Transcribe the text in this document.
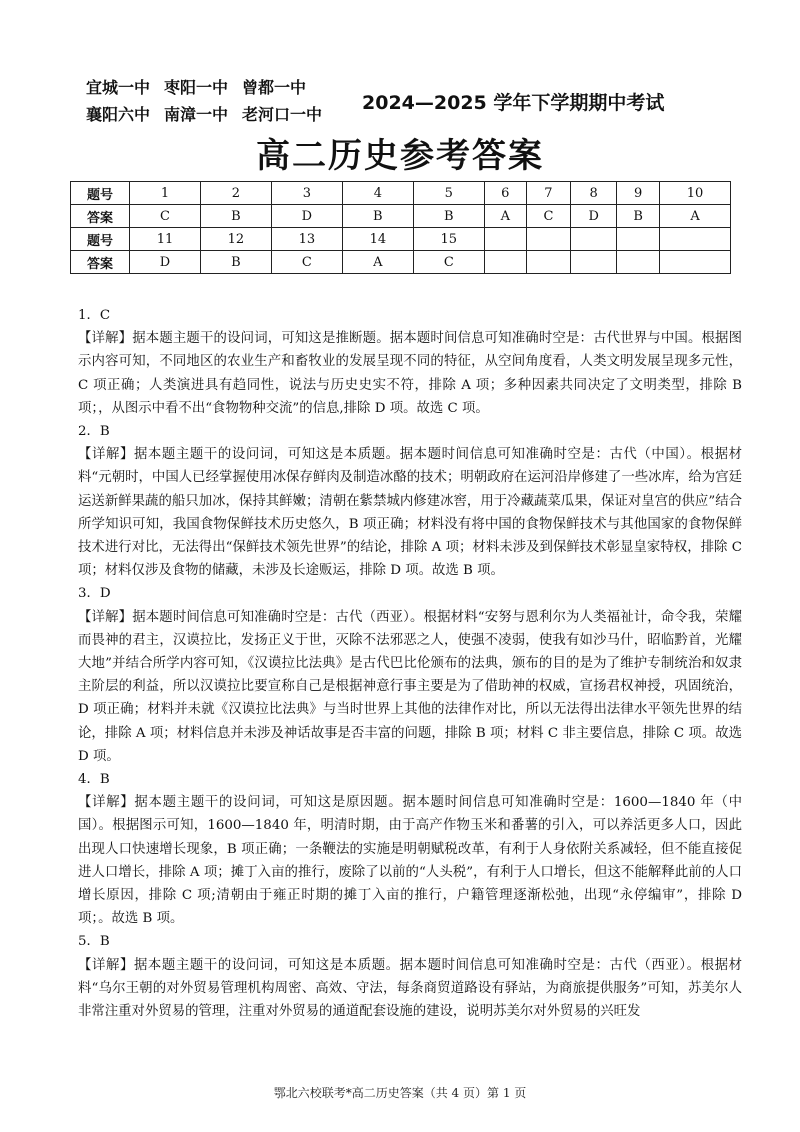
宜城一中 枣阳一中 曾都一中
襄阳六中 南漳一中 老河口一中
2024—2025 学年下学期期中考试
高二历史参考答案
题号	1	2	3	4	5	6	7	8	9	10
答案	C	B	D	B	B	A	C	D	B	A
题号	11	12	13	14	15					
答案	D	B	C	A	C					

1．C

【详解】据本题主题干的设问词，可知这是推断题。据本题时间信息可知准确时空是：古代世界与中国。根据图示内容可知，不同地区的农业生产和畜牧业的发展呈现不同的特征，从空间角度看，人类文明发展呈现多元性，C 项正确；人类演进具有趋同性，说法与历史史实不符，排除 A 项；多种因素共同决定了文明类型，排除 B 项；，从图示中看不出“食物物种交流”的信息,排除 D 项。故选 C 项。

2．B

【详解】据本题主题干的设问词，可知这是本质题。据本题时间信息可知准确时空是：古代（中国）。根据材料“元朝时，中国人已经掌握使用冰保存鲜肉及制造冰酪的技术；明朝政府在运河沿岸修建了一些冰库，给为宫廷运送新鲜果蔬的船只加冰，保持其鲜嫩；清朝在紫禁城内修建冰窖，用于冷藏蔬菜瓜果，保证对皇宫的供应”结合所学知识可知，我国食物保鲜技术历史悠久，B 项正确；材料没有将中国的食物保鲜技术与其他国家的食物保鲜技术进行对比，无法得出“保鲜技术领先世界”的结论，排除 A 项；材料未涉及到保鲜技术彰显皇家特权，排除 C 项；材料仅涉及食物的储藏，未涉及长途贩运，排除 D 项。故选 B 项。

3．D

【详解】据本题时间信息可知准确时空是：古代（西亚）。根据材料“安努与恩利尔为人类福祉计，命令我，荣耀而畏神的君主，汉谟拉比，发扬正义于世，灭除不法邪恶之人，使强不凌弱，使我有如沙马什，昭临黔首，光耀大地”并结合所学内容可知，《汉谟拉比法典》是古代巴比伦颁布的法典，颁布的目的是为了维护专制统治和奴隶主阶层的利益，所以汉谟拉比要宣称自己是根据神意行事主要是为了借助神的权威，宣扬君权神授，巩固统治，D 项正确；材料并未就《汉谟拉比法典》与当时世界上其他的法律作对比，所以无法得出法律水平领先世界的结论，排除 A 项；材料信息并未涉及神话故事是否丰富的问题，排除 B 项；材料 C 非主要信息，排除 C 项。故选 D 项。

4．B

【详解】据本题主题干的设问词，可知这是原因题。据本题时间信息可知准确时空是：1600—1840 年（中国）。根据图示可知，1600—1840 年，明清时期，由于高产作物玉米和番薯的引入，可以养活更多人口，因此出现人口快速增长现象，B 项正确；一条鞭法的实施是明朝赋税改革，有利于人身依附关系减轻，但不能直接促进人口增长，排除 A 项；摊丁入亩的推行，废除了以前的“人头税”，有利于人口增长，但这不能解释此前的人口增长原因，排除 C 项;清朝由于雍正时期的摊丁入亩的推行，户籍管理逐渐松弛，出现“永停编审”，排除 D 项；。故选 B 项。

5．B

【详解】据本题主题干的设问词，可知这是本质题。据本题时间信息可知准确时空是：古代（西亚）。根据材料“乌尔王朝的对外贸易管理机构周密、高效、守法，每条商贸道路设有驿站，为商旅提供服务”可知，苏美尔人非常注重对外贸易的管理，注重对外贸易的通道配套设施的建设，说明苏美尔对外贸易的兴旺发

鄂北六校联考*高二历史答案（共 4 页）第 1 页
